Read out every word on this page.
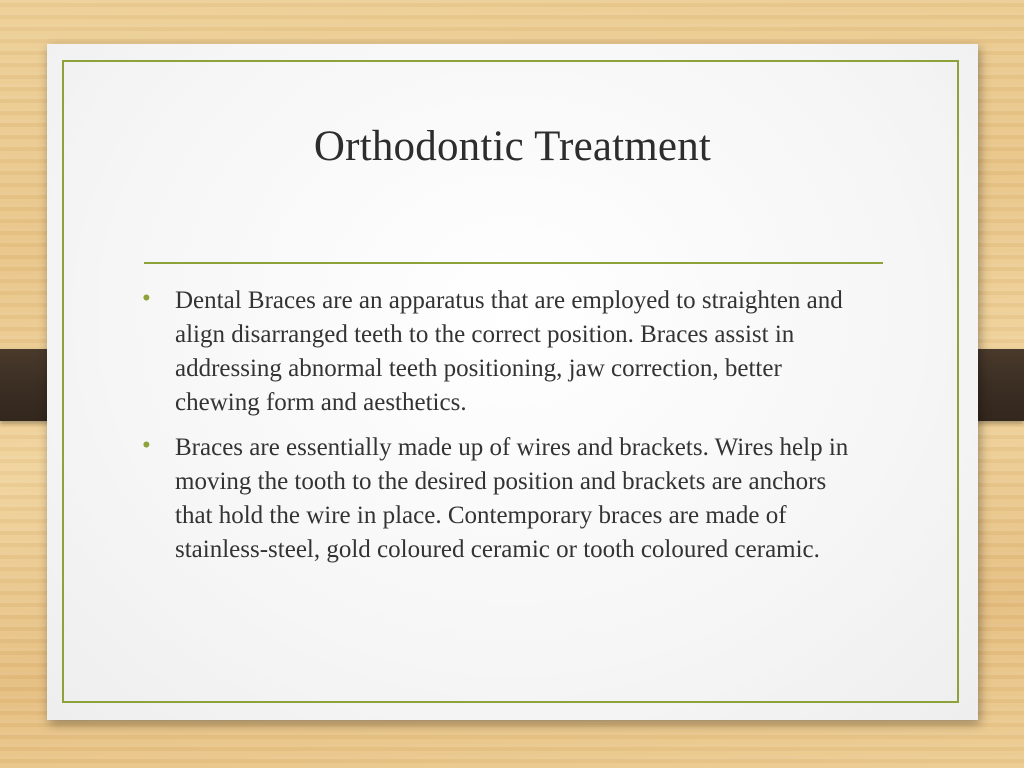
Orthodontic Treatment
• Dental Braces are an apparatus that are employed to straighten and align disarranged teeth to the correct position. Braces assist in addressing abnormal teeth positioning, jaw correction, better chewing form and aesthetics.
• Braces are essentially made up of wires and brackets. Wires help in moving the tooth to the desired position and brackets are anchors that hold the wire in place. Contemporary braces are made of stainless-steel, gold coloured ceramic or tooth coloured ceramic.
